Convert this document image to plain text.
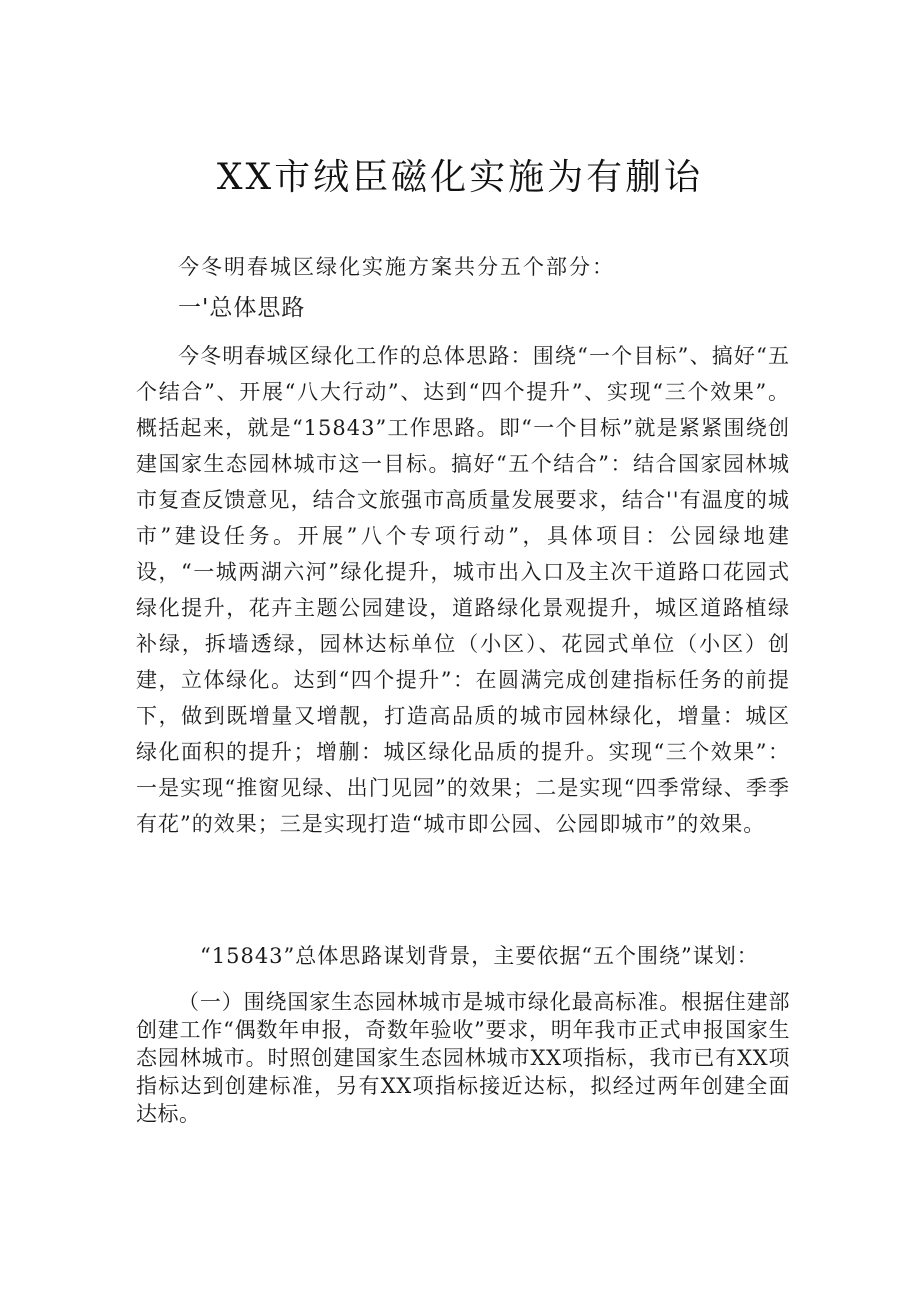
XX市绒臣磁化实施为有蒯诒

今冬明春城区绿化实施方案共分五个部分：

一'总体思路

今冬明春城区绿化工作的总体思路：围绕“一个目标”、搞好“五个结合”、开展“八大行动”、达到“四个提升”、实现“三个效果”。概括起来，就是“15843”工作思路。即“一个目标”就是紧紧围绕创建国家生态园林城市这一目标。搞好“五个结合”：结合国家园林城市复查反馈意见，结合文旅强市高质量发展要求，结合''有温度的城市”建设任务。开展”八个专项行动”，具体项目：公园绿地建设，“一城两湖六河”绿化提升，城市出入口及主次干道路口花园式绿化提升，花卉主题公园建设，道路绿化景观提升，城区道路植绿补绿，拆墙透绿，园林达标单位（小区）、花园式单位（小区）创建，立体绿化。达到“四个提升”：在圆满完成创建指标任务的前提下，做到既增量又增靓，打造高品质的城市园林绿化，增量：城区绿化面积的提升；增蒯：城区绿化品质的提升。实现“三个效果”：一是实现“推窗见绿、出门见园”的效果；二是实现“四季常绿、季季有花”的效果；三是实现打造“城市即公园、公园即城市”的效果。

“15843”总体思路谋划背景，主要依据“五个围绕”谋划：

（一）围绕国家生态园林城市是城市绿化最高标准。根据住建部创建工作“偶数年申报，奇数年验收”要求，明年我市正式申报国家生态园林城市。时照创建国家生态园林城市XX项指标，我市已有XX项指标达到创建标准，另有XX项指标接近达标，拟经过两年创建全面达标。
